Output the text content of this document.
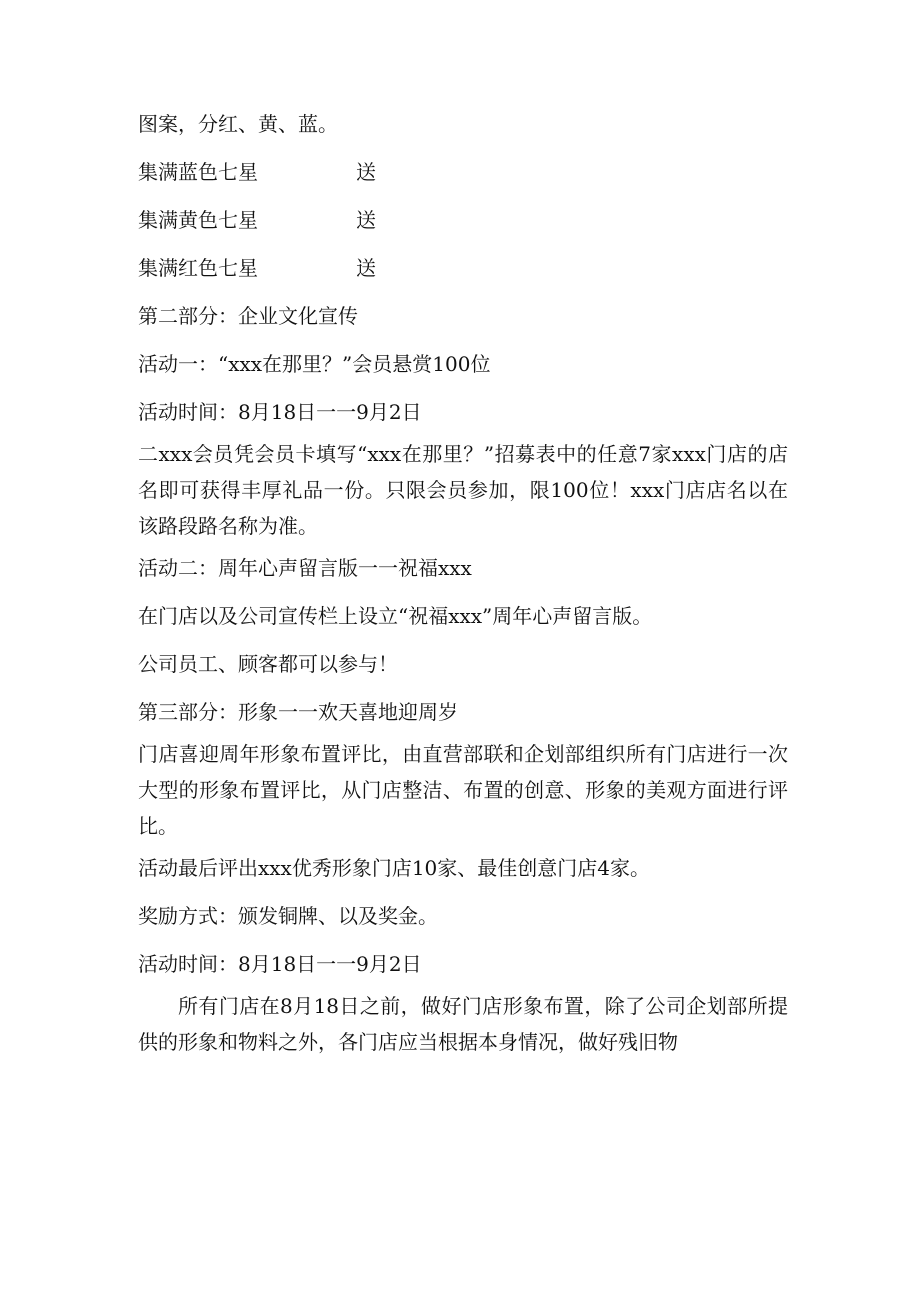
图案，分红、黄、蓝。

集满蓝色七星	送
集满黄色七星	送
集满红色七星	送

第二部分：企业文化宣传

活动一：“xxx在那里？”会员悬赏100位

活动时间：8月18日一一9月2日

二xxx会员凭会员卡填写“xxx在那里？”招募表中的任意7家xxx门店的店名即可获得丰厚礼品一份。只限会员参加，限100位！xxx门店店名以在该路段路名称为准。

活动二：周年心声留言版一一祝福xxx

在门店以及公司宣传栏上设立“祝福xxx”周年心声留言版。

公司员工、顾客都可以参与！

第三部分：形象一一欢天喜地迎周岁

门店喜迎周年形象布置评比，由直营部联和企划部组织所有门店进行一次大型的形象布置评比，从门店整洁、布置的创意、形象的美观方面进行评比。

活动最后评出xxx优秀形象门店10家、最佳创意门店4家。

奖励方式：颁发铜牌、以及奖金。

活动时间：8月18日一一9月2日

所有门店在8月18日之前，做好门店形象布置，除了公司企划部所提供的形象和物料之外，各门店应当根据本身情况，做好残旧物
